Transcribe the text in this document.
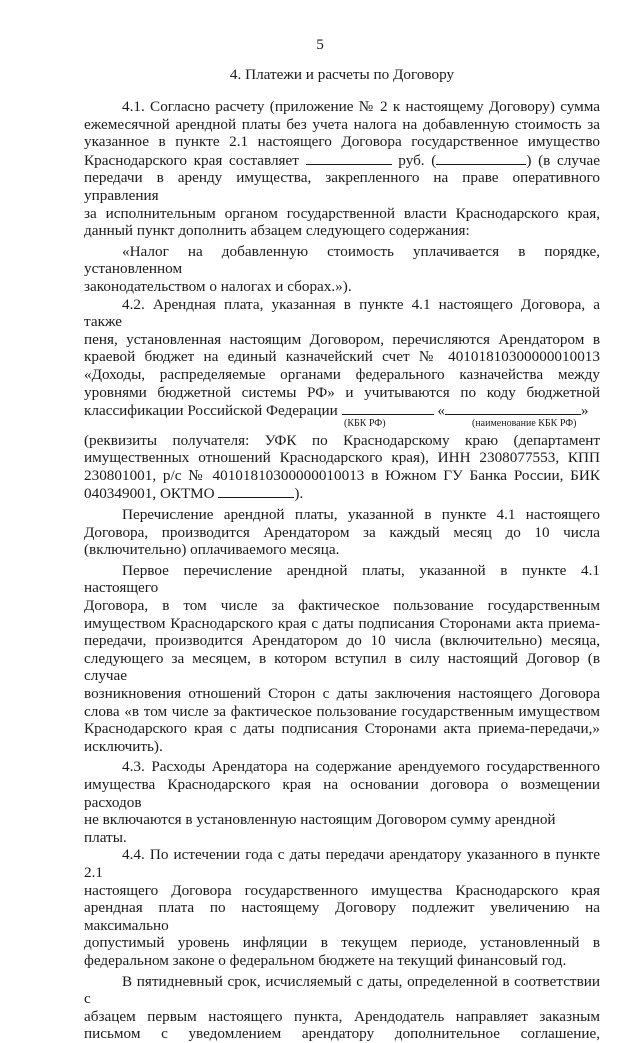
5
4. Платежи и расчеты по Договору

4.1. Согласно расчету (приложение № 2 к настоящему Договору) сумма

ежемесячной арендной платы без учета налога на добавленную стоимость за

указанное в пункте 2.1 настоящего Договора государственное имущество

Краснодарского края составляет	руб. (	) (в случае

передачи в аренду имущества, закрепленного на праве оперативного управления

за исполнительным органом государственной власти Краснодарского края,

данный пункт дополнить абзацем следующего содержания:

«Налог на добавленную стоимость уплачивается в порядке, установленном

законодательством о налогах и сборах.»).

4.2. Арендная плата, указанная в пункте 4.1 настоящего Договора, а также

пеня, установленная настоящим Договором, перечисляются Арендатором в

краевой бюджет на единый казначейский счет № 40101810300000010013

«Доходы, распределяемые органами федерального казначейства между

уровнями бюджетной системы РФ» и учитываются по коду бюджетной

классификации Российской Федерации	«	»

(КБК РФ)	(наименование КБК РФ)

(реквизиты получателя: УФК по Краснодарскому краю (департамент

имущественных отношений Краснодарского края), ИНН 2308077553, КПП

230801001, р/с № 40101810300000010013 в Южном ГУ Банка России, БИК

040349001, ОКТМО	).

Перечисление арендной платы, указанной в пункте 4.1 настоящего

Договора, производится Арендатором за каждый месяц до 10 числа

(включительно) оплачиваемого месяца.

Первое перечисление арендной платы, указанной в пункте 4.1 настоящего

Договора, в том числе за фактическое пользование государственным

имуществом Краснодарского края с даты подписания Сторонами акта приема-

передачи, производится Арендатором до 10 числа (включительно) месяца,

следующего за месяцем, в котором вступил в силу настоящий Договор (в случае

возникновения отношений Сторон с даты заключения настоящего Договора

слова «в том числе за фактическое пользование государственным имуществом

Краснодарского края с даты подписания Сторонами акта приема-передачи,»

исключить).

4.3. Расходы Арендатора на содержание арендуемого государственного

имущества Краснодарского края на основании договора о возмещении расходов

не включаются в установленную настоящим Договором сумму арендной платы.

4.4. По истечении года с даты передачи арендатору указанного в пункте 2.1

настоящего Договора государственного имущества Краснодарского края

арендная плата по настоящему Договору подлежит увеличению на максимально

допустимый уровень инфляции в текущем периоде, установленный в

федеральном законе о федеральном бюджете на текущий финансовый год.

В пятидневный срок, исчисляемый с даты, определенной в соответствии с

абзацем первым настоящего пункта, Арендодатель направляет заказным

письмом с уведомлением арендатору дополнительное соглашение,
